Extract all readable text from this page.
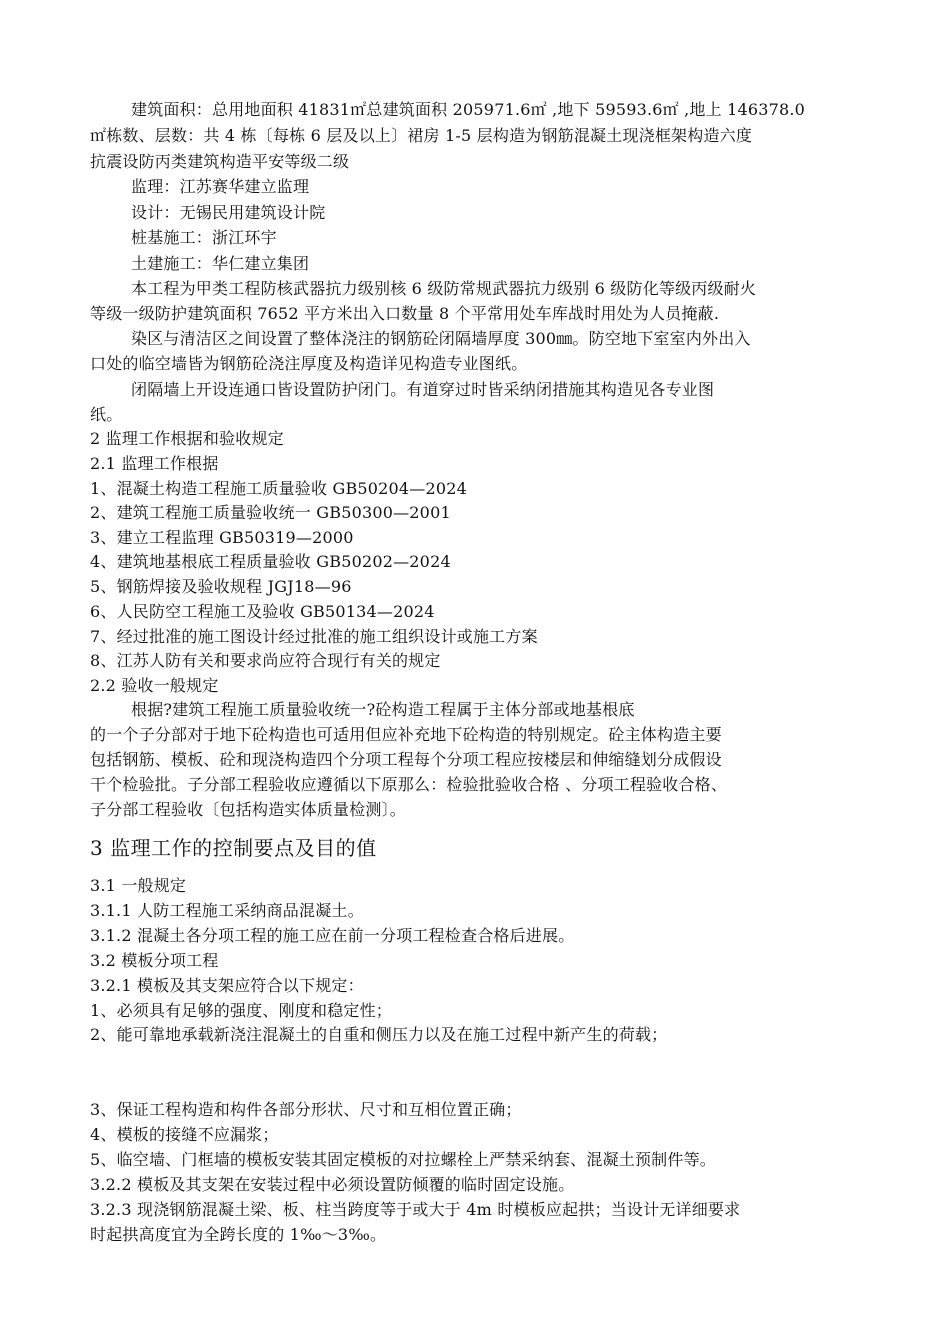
建筑面积：总用地面积 41831㎡总建筑面积 205971.6㎡ ,地下 59593.6㎡ ,地上 146378.0
㎡栋数、层数：共 4 栋〔每栋 6 层及以上〕裙房 1-5 层构造为钢筋混凝土现浇框架构造六度
抗震设防丙类建筑构造平安等级二级
监理：江苏赛华建立监理
设计：无锡民用建筑设计院
桩基施工：浙江环宇
土建施工：华仁建立集团
本工程为甲类工程防核武器抗力级别核 6 级防常规武器抗力级别 6 级防化等级丙级耐火
等级一级防护建筑面积 7652 平方米出入口数量 8 个平常用处车库战时用处为人员掩蔽.
染区与清洁区之间设置了整体浇注的钢筋砼闭隔墙厚度 300㎜。防空地下室室内外出入
口处的临空墙皆为钢筋砼浇注厚度及构造详见构造专业图纸。
闭隔墙上开设连通口皆设置防护闭门。有道穿过时皆采纳闭措施其构造见各专业图
纸。
2 监理工作根据和验收规定
2.1 监理工作根据
1、混凝土构造工程施工质量验收 GB50204—2024
2、建筑工程施工质量验收统一 GB50300—2001
3、建立工程监理 GB50319—2000
4、建筑地基根底工程质量验收 GB50202—2024
5、钢筋焊接及验收规程 JGJ18—96
6、人民防空工程施工及验收 GB50134—2024
7、经过批准的施工图设计经过批准的施工组织设计或施工方案
8、江苏人防有关和要求尚应符合现行有关的规定
2.2 验收一般规定
根据?建筑工程施工质量验收统一?砼构造工程属于主体分部或地基根底
的一个子分部对于地下砼构造也可适用但应补充地下砼构造的特别规定。砼主体构造主要
包括钢筋、模板、砼和现浇构造四个分项工程每个分项工程应按楼层和伸缩缝划分成假设
干个检验批。子分部工程验收应遵循以下原那么：检验批验收合格 、分项工程验收合格、
子分部工程验收〔包括构造实体质量检测〕。
3 监理工作的控制要点及目的值
3.1 一般规定
3.1.1 人防工程施工采纳商品混凝土。
3.1.2 混凝土各分项工程的施工应在前一分项工程检查合格后进展。
3.2 模板分项工程
3.2.1 模板及其支架应符合以下规定：
1、必须具有足够的强度、刚度和稳定性；
2、能可靠地承载新浇注混凝土的自重和侧压力以及在施工过程中新产生的荷载；
3、保证工程构造和构件各部分形状、尺寸和互相位置正确；
4、模板的接缝不应漏浆；
5、临空墙、门框墙的模板安装其固定模板的对拉螺栓上严禁采纳套、混凝土预制件等。
3.2.2 模板及其支架在安装过程中必须设置防倾覆的临时固定设施。
3.2.3 现浇钢筋混凝土梁、板、柱当跨度等于或大于 4m 时模板应起拱；当设计无详细要求
时起拱高度宜为全跨长度的 1‰～3‰。
